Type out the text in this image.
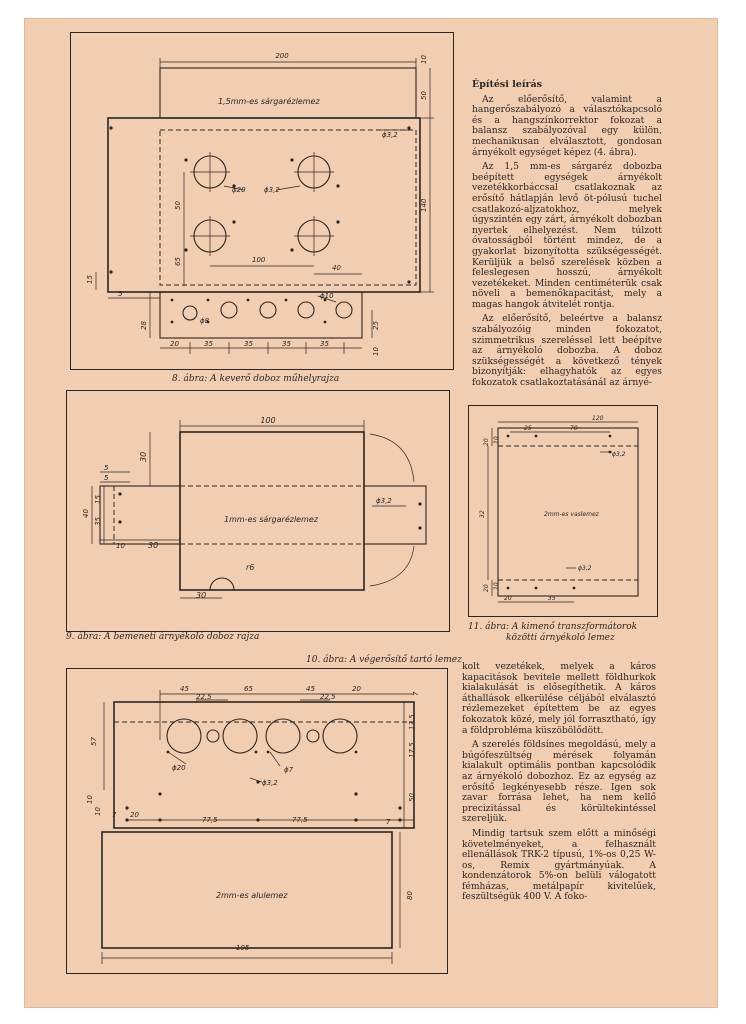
1,5mm-es sárgarézlemez
200	10
50
140
15
5
50
65	100
40
28	25
10
20	35	35	35	35
ϕ3,2
ϕ20	ϕ3,2
ϕ10
ϕ8
8. ábra: A keverő doboz műhelyrajza
100
30
5
5
40
15
35
10	30
30
1mm-es sárgarézlemez
ϕ3,2
r6
9. ábra: A bemeneti árnyékoló doboz rajza
10. ábra: A végerősítő tartó lemez
45
22,5
65	45
22,5
20
7
57
17,5
17,5
50
10
10 7 20
77,5	77,5	7
80
195
2mm-es alulemez
ϕ20	ϕ7
ϕ3,2
120
25	70
20 10
32
20 10
20	35
2mm-es vaslemez
ϕ3,2
ϕ3,2
11. ábra: A kimenő transzformátorok
közötti árnyékoló lemez
Építési leírás

Az előerősítő, valamint a hangerőszabályozó a választókapcsoló és a hangszínkorrektor fokozat a balansz szabályozóval egy külön, mechanikusan elválasztott, gondosan árnyékolt egységet képez (4. ábra).

Az 1,5 mm-es sárgaréz dobozba beépített egységek árnyékolt vezetékkorbáccsal csatlakoznak az erősítő hátlapján levő öt-pólusú tuchel csatlakozó-aljzatokhoz, melyek úgyszintén egy zárt, árnyékolt dobozban nyertek elhelyezést. Nem túlzott óvatosságból történt mindez, de a gyakorlat bizonyította szükségességét. Kerüljük a belső szerelések közben a feleslegesen hosszú, árnyékolt vezetékeket. Minden centiméterük csak növeli a bemenőkapacitást, mely a magas hangok átvitelét rontja.

Az előerősítő, beleértve a balansz szabályozóig minden fokozatot, szimmetrikus szereléssel lett beépítve az árnyékoló dobozba. A doboz szükségességét a következő tények bizonyítják: elhagyhatók az egyes fokozatok csatlakoztatásánál az árnyé-

kolt vezetékek, melyek a káros kapacitások bevitele mellett földhurkok kialakulását is elősegíthetik. A káros áthallások elkerülése céljából elválasztó rézlemezeket építettem be az egyes fokozatok közé, mely jól forrasztható, így a földprobléma küszöbölődött.

A szerelés földsínes megoldású, mely a búgófeszültség mérések folyamán kialakult optimális pontban kapcsolódik az árnyékoló dobozhoz. Ez az egység az erősítő legkényesebb része. Igen sok zavar forrása lehet, ha nem kellő precizitással és körültekintéssel szereljük.

Mindig tartsuk szem előtt a minőségi követelményeket, a felhasznált ellenállások TRK-2 típusú, 1%-os 0,25 W-os, Remix gyártmányúak. A kondenzátorok 5%-on belüli válogatott fémházas, metálpapír kivitelűek, feszültségük 400 V. A foko-
